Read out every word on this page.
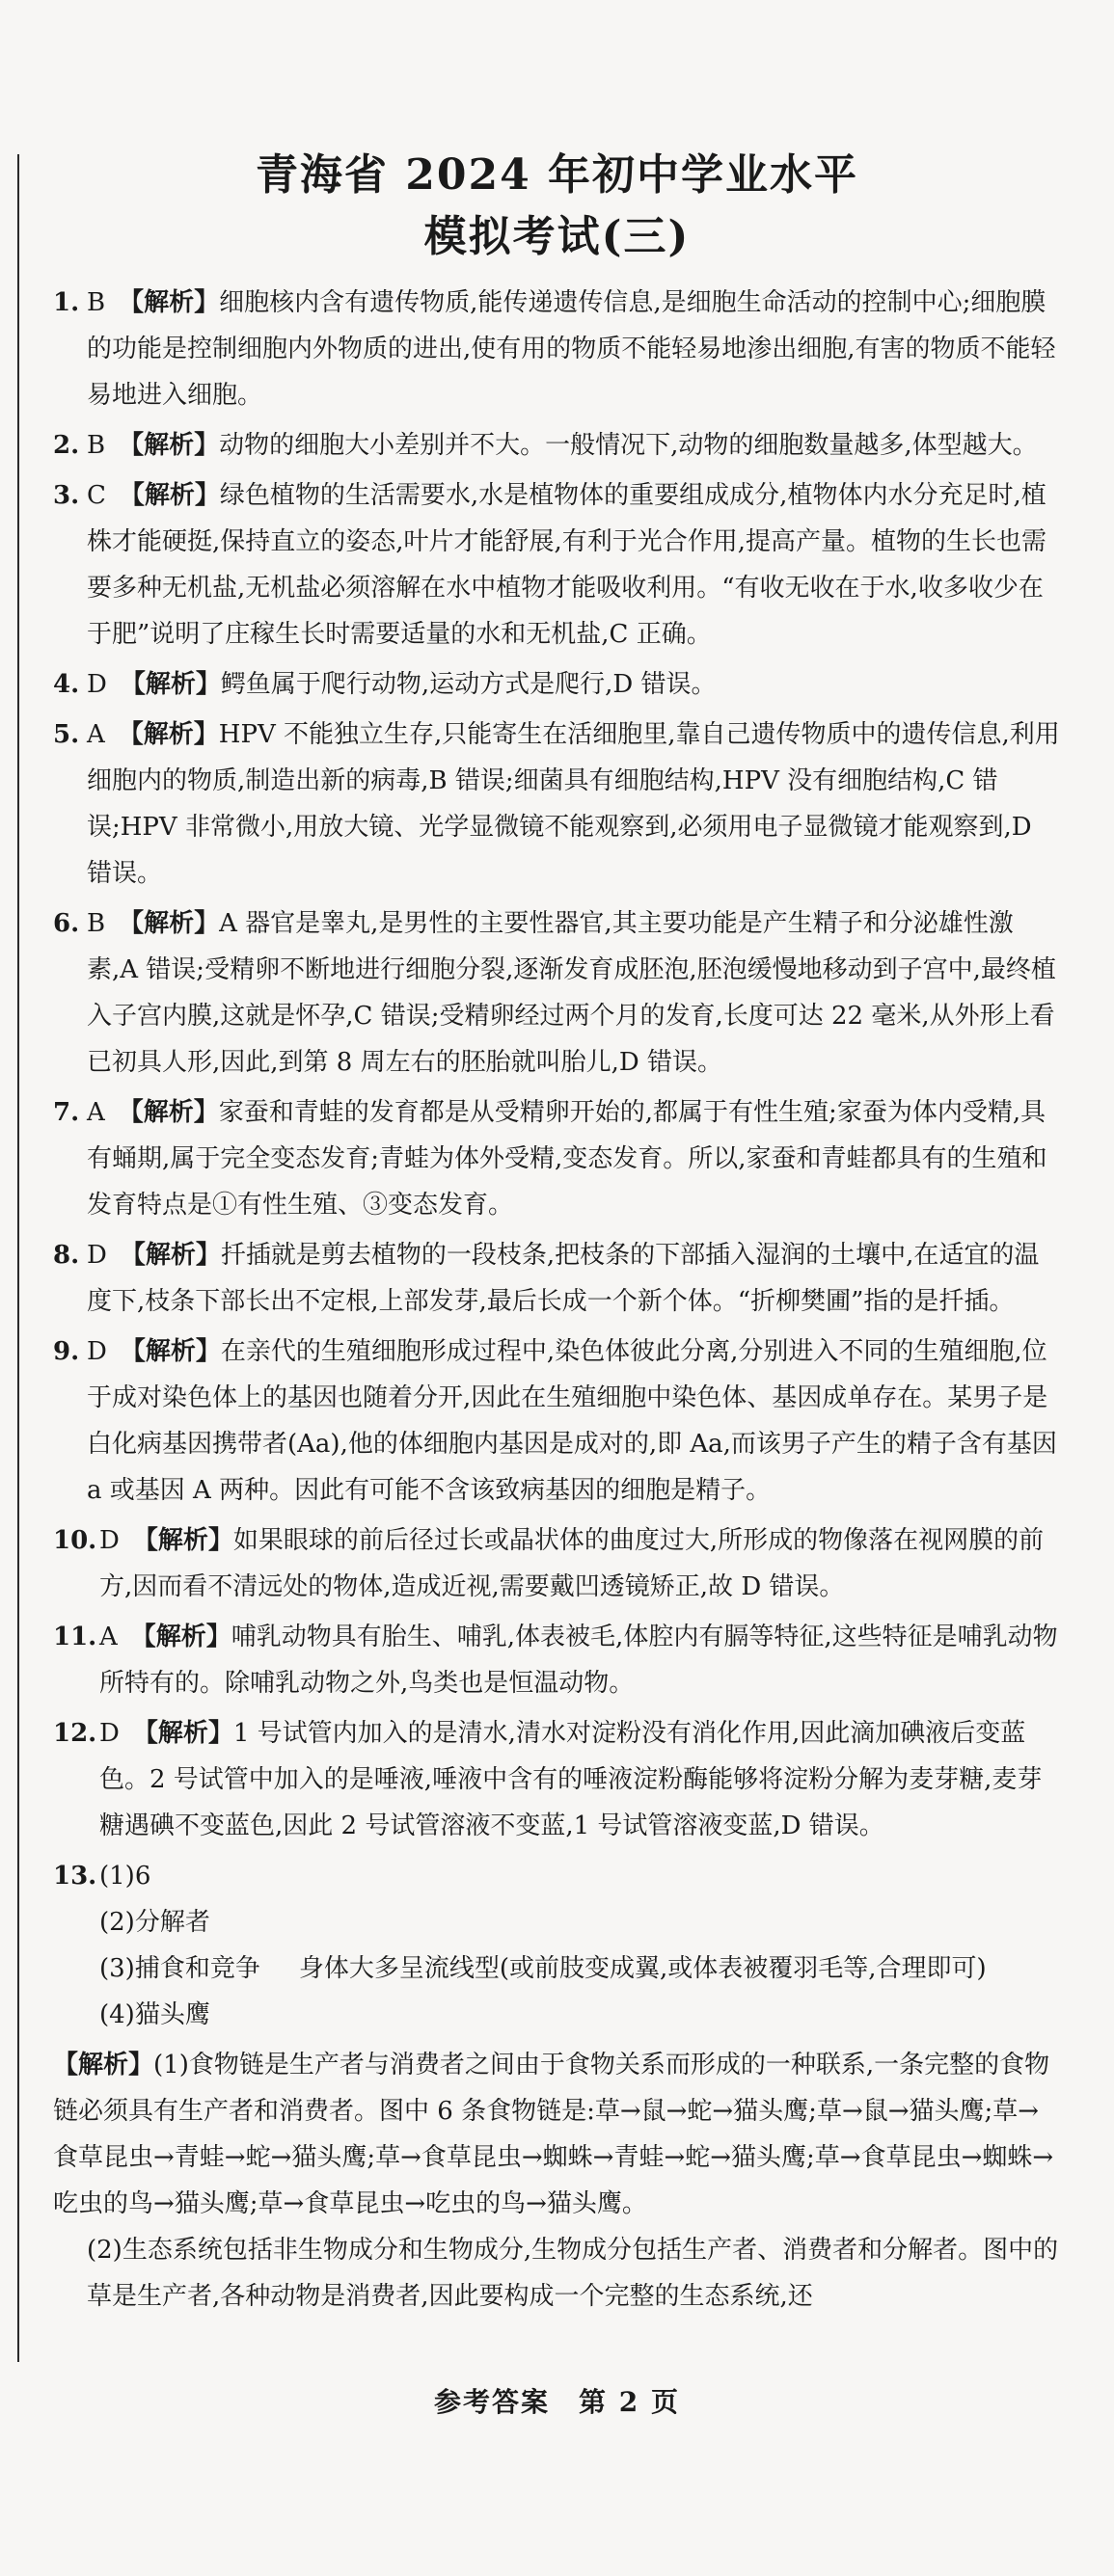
青海省 2024 年初中学业水平
模拟考试(三)
1. B 【解析】细胞核内含有遗传物质,能传递遗传信息,是细胞生命活动的控制中心;细胞膜的功能是控制细胞内外物质的进出,使有用的物质不能轻易地渗出细胞,有害的物质不能轻易地进入细胞。
2. B 【解析】动物的细胞大小差别并不大。一般情况下,动物的细胞数量越多,体型越大。
3. C 【解析】绿色植物的生活需要水,水是植物体的重要组成成分,植物体内水分充足时,植株才能硬挺,保持直立的姿态,叶片才能舒展,有利于光合作用,提高产量。植物的生长也需要多种无机盐,无机盐必须溶解在水中植物才能吸收利用。“有收无收在于水,收多收少在于肥”说明了庄稼生长时需要适量的水和无机盐,C 正确。
4. D 【解析】鳄鱼属于爬行动物,运动方式是爬行,D 错误。
5. A 【解析】HPV 不能独立生存,只能寄生在活细胞里,靠自己遗传物质中的遗传信息,利用细胞内的物质,制造出新的病毒,B 错误;细菌具有细胞结构,HPV 没有细胞结构,C 错误;HPV 非常微小,用放大镜、光学显微镜不能观察到,必须用电子显微镜才能观察到,D 错误。
6. B 【解析】A 器官是睾丸,是男性的主要性器官,其主要功能是产生精子和分泌雄性激素,A 错误;受精卵不断地进行细胞分裂,逐渐发育成胚泡,胚泡缓慢地移动到子宫中,最终植入子宫内膜,这就是怀孕,C 错误;受精卵经过两个月的发育,长度可达 22 毫米,从外形上看已初具人形,因此,到第 8 周左右的胚胎就叫胎儿,D 错误。
7. A 【解析】家蚕和青蛙的发育都是从受精卵开始的,都属于有性生殖;家蚕为体内受精,具有蛹期,属于完全变态发育;青蛙为体外受精,变态发育。所以,家蚕和青蛙都具有的生殖和发育特点是①有性生殖、③变态发育。
8. D 【解析】扦插就是剪去植物的一段枝条,把枝条的下部插入湿润的土壤中,在适宜的温度下,枝条下部长出不定根,上部发芽,最后长成一个新个体。“折柳樊圃”指的是扦插。
9. D 【解析】在亲代的生殖细胞形成过程中,染色体彼此分离,分别进入不同的生殖细胞,位于成对染色体上的基因也随着分开,因此在生殖细胞中染色体、基因成单存在。某男子是白化病基因携带者(Aa),他的体细胞内基因是成对的,即 Aa,而该男子产生的精子含有基因 a 或基因 A 两种。因此有可能不含该致病基因的细胞是精子。
10. D 【解析】如果眼球的前后径过长或晶状体的曲度过大,所形成的物像落在视网膜的前方,因而看不清远处的物体,造成近视,需要戴凹透镜矫正,故 D 错误。
11. A 【解析】哺乳动物具有胎生、哺乳,体表被毛,体腔内有膈等特征,这些特征是哺乳动物所特有的。除哺乳动物之外,鸟类也是恒温动物。
12. D 【解析】1 号试管内加入的是清水,清水对淀粉没有消化作用,因此滴加碘液后变蓝色。2 号试管中加入的是唾液,唾液中含有的唾液淀粉酶能够将淀粉分解为麦芽糖,麦芽糖遇碘不变蓝色,因此 2 号试管溶液不变蓝,1 号试管溶液变蓝,D 错误。
13. (1)6
(2)分解者
(3)捕食和竞争 身体大多呈流线型(或前肢变成翼,或体表被覆羽毛等,合理即可)
(4)猫头鹰
【解析】(1)食物链是生产者与消费者之间由于食物关系而形成的一种联系,一条完整的食物链必须具有生产者和消费者。图中 6 条食物链是:草→鼠→蛇→猫头鹰;草→鼠→猫头鹰;草→食草昆虫→青蛙→蛇→猫头鹰;草→食草昆虫→蜘蛛→青蛙→蛇→猫头鹰;草→食草昆虫→蜘蛛→吃虫的鸟→猫头鹰;草→食草昆虫→吃虫的鸟→猫头鹰。
(2)生态系统包括非生物成分和生物成分,生物成分包括生产者、消费者和分解者。图中的草是生产者,各种动物是消费者,因此要构成一个完整的生态系统,还
参考答案　第 2 页
